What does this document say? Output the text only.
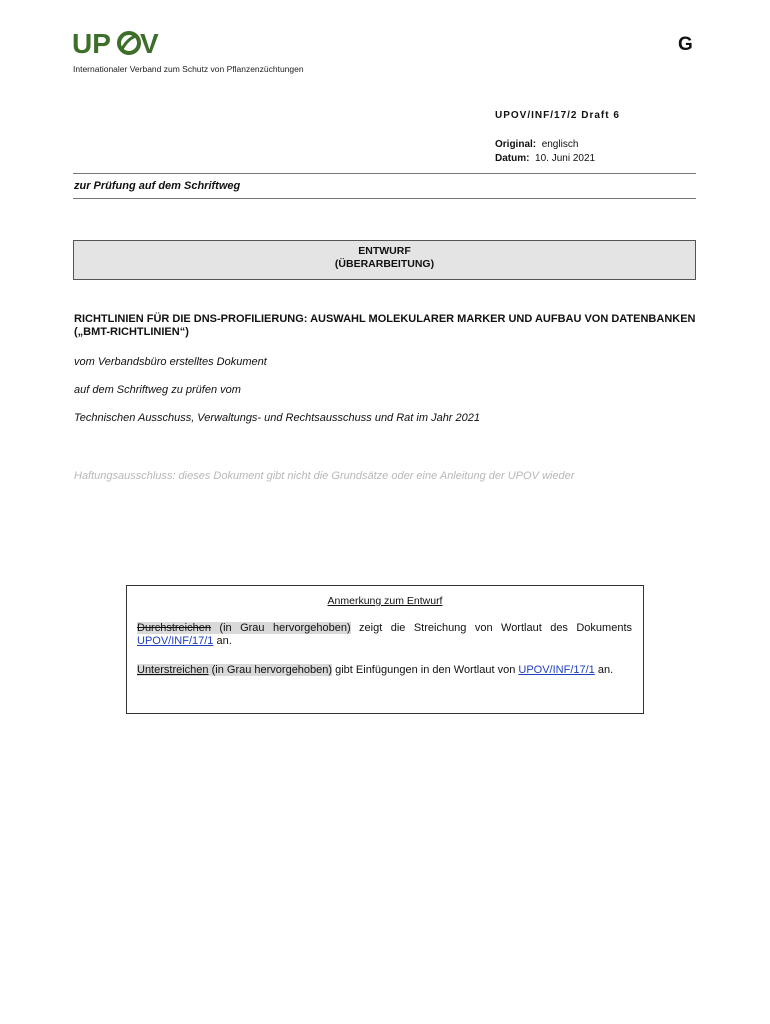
UP V	G
Internationaler Verband zum Schutz von Pflanzenzüchtungen
UPOV/INF/17/2 Draft 6
Original: englisch
Datum: 10. Juni 2021
zur Prüfung auf dem Schriftweg
ENTWURF
(ÜBERARBEITUNG)
RICHTLINIEN FÜR DIE DNS-PROFILIERUNG: AUSWAHL MOLEKULARER MARKER UND AUFBAU VON DATENBANKEN („BMT-RICHTLINIEN“)
vom Verbandsbüro erstelltes Dokument
auf dem Schriftweg zu prüfen vom
Technischen Ausschuss, Verwaltungs- und Rechtsausschuss und Rat im Jahr 2021
Haftungsausschluss: dieses Dokument gibt nicht die Grundsätze oder eine Anleitung der UPOV wieder
Anmerkung zum Entwurf
Durchstreichen (in Grau hervorgehoben) zeigt die Streichung von Wortlaut des Dokuments UPOV/INF/17/1 an.
Unterstreichen (in Grau hervorgehoben) gibt Einfügungen in den Wortlaut von UPOV/INF/17/1 an.
